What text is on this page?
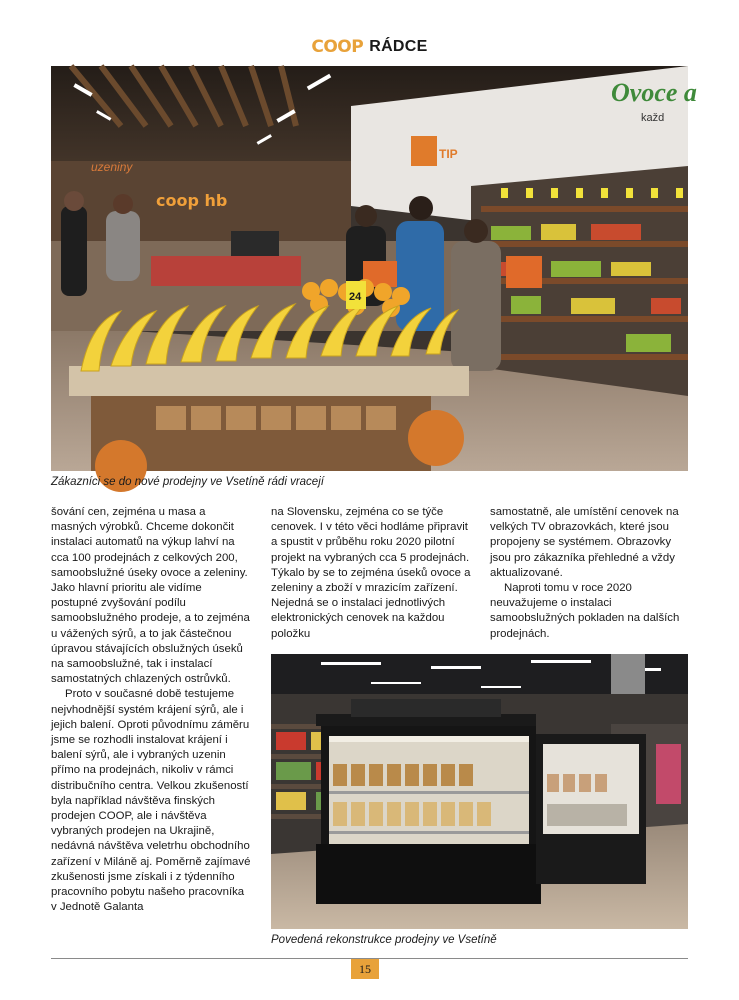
COOP RÁDCE
TIP
Ovoce a
každ
uzeniny
coop hb
24
Zákazníci se do nové prodejny ve Vsetíně rádi vracejí

šování cen, zejména u masa a masných výrobků. Chceme dokončit instalaci automatů na výkup lahví na cca 100 prodejnách z celkových 200, samoobslužné úseky ovoce a zeleniny. Jako hlavní prioritu ale vidíme postupné zvyšování podílu samoobslužného prodeje, a to zejména u vážených sýrů, a to jak částečnou úpravou stávajících obslužných úseků na samoobslužné, tak i instalací samostatných chlazených ostrůvků.

Proto v současné době testujeme nejvhodnější systém krájení sýrů, ale i jejich balení. Oproti původnímu záměru jsme se rozhodli instalovat krájení i balení sýrů, ale i vybraných uzenin přímo na prodejnách, nikoliv v rámci distribučního centra. Velkou zkušeností byla například návštěva finských prodejen COOP, ale i návštěva vybraných prodejen na Ukrajině, nedávná návštěva veletrhu obchodního zařízení v Miláně aj. Poměrně zajímavé zkušenosti jsme získali i z týdenního pracovního pobytu našeho pracovníka v Jednotě Galanta

na Slovensku, zejména co se týče cenovek. I v této věci hodláme připravit a spustit v průběhu roku 2020 pilotní projekt na vybraných cca 5 prodejnách. Týkalo by se to zejména úseků ovoce a zeleniny a zboží v mrazicím zařízení. Nejedná se o instalaci jednotlivých elektronických cenovek na každou položku

samostatně, ale umístění cenovek na velkých TV obrazovkách, které jsou propojeny se systémem. Obrazovky jsou pro zákazníka přehledné a vždy aktualizované.

Naproti tomu v roce 2020 neuvažujeme o instalaci samoobslužných pokladen na dalších prodejnách.

Povedená rekonstrukce prodejny ve Vsetíně
15
